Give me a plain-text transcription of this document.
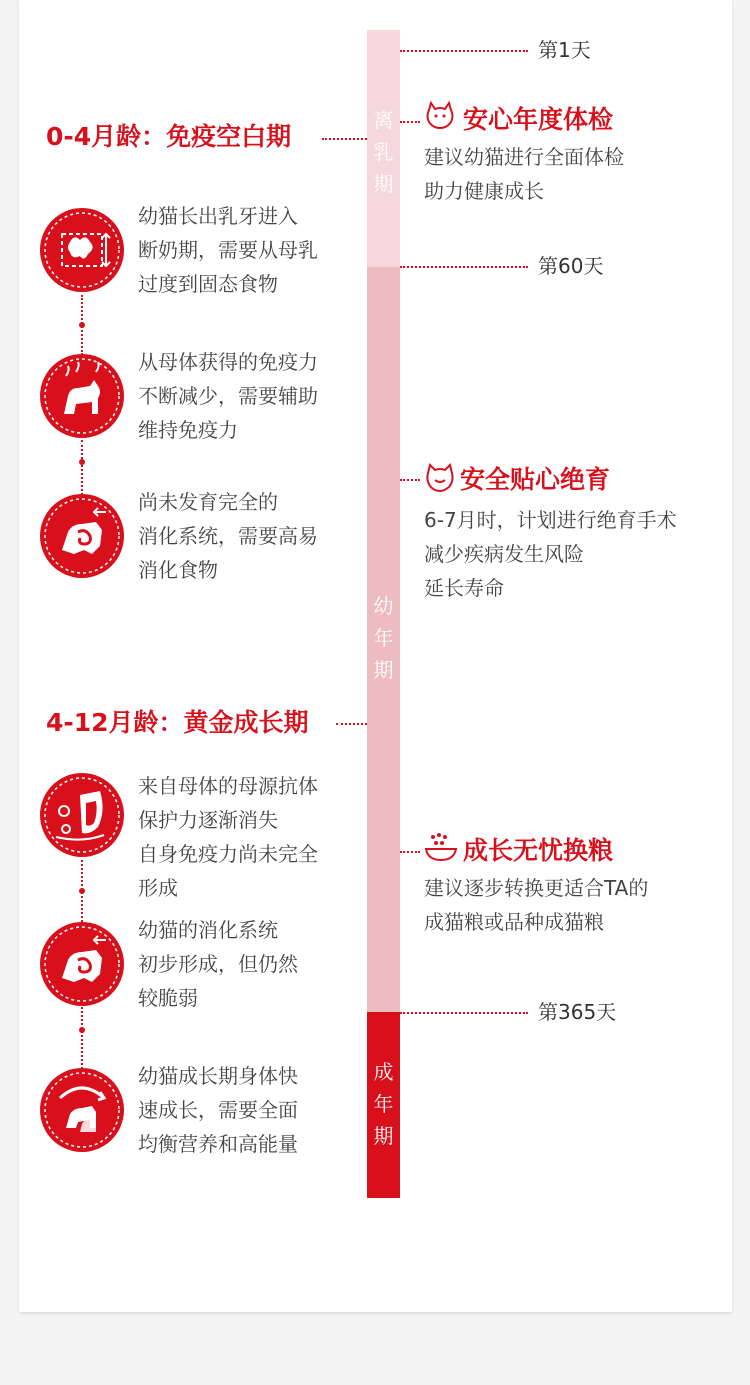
离
乳
期
幼
年
期
成
年
期
第1天
第60天
第365天
0-4月龄：免疫空白期
4-12月龄：黄金成长期
安心年度体检
建议幼猫进行全面体检
助力健康成长
安全贴心绝育
6-7月时，计划进行绝育手术
减少疾病发生风险
延长寿命
成长无忧换粮
建议逐步转换更适合TA的
成猫粮或品种成猫粮
幼猫长出乳牙进入
断奶期，需要从母乳
过度到固态食物
从母体获得的免疫力
不断减少，需要辅助
维持免疫力
尚未发育完全的
消化系统，需要高易
消化食物
来自母体的母源抗体
保护力逐渐消失
自身免疫力尚未完全
形成
幼猫的消化系统
初步形成，但仍然
较脆弱
幼猫成长期身体快
速成长，需要全面
均衡营养和高能量
